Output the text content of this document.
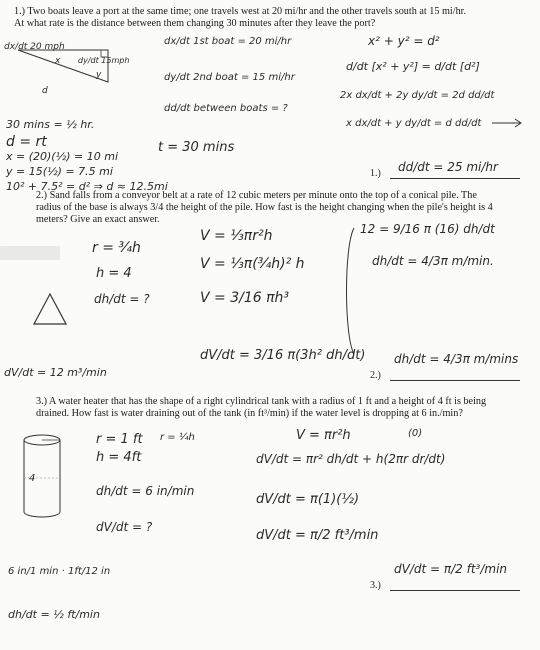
1.) Two boats leave a port at the same time; one travels west at 20 mi/hr and the other travels south at 15 mi/hr.
At what rate is the distance between them changing 30 minutes after they leave the port?
dx/dt 20 mph
x
y
dy/dt 15mph
d
dx/dt 1st boat = 20 mi/hr
dy/dt 2nd boat = 15 mi/hr
dd/dt between boats = ?
t = 30 mins
x² + y² = d²
d/dt [x² + y²] = d/dt [d²]
2x dx/dt + 2y dy/dt = 2d dd/dt
x dx/dt + y dy/dt = d dd/dt
30 mins = ½ hr.
d = rt
x = (20)(½) = 10 mi
y = 15(½) = 7.5 mi
10² + 7.5² = d² ⇒ d ≈ 12.5mi
1.) dd/dt = 25 mi/hr
2.) Sand falls from a conveyor belt at a rate of 12 cubic meters per minute onto the top of a conical pile. The
radius of the base is always 3/4 the height of the pile. How fast is the height changing when the pile's height is 4
meters? Give an exact answer.
r = ¾h
h = 4
dh/dt = ?
dV/dt = 12 m³/min
V = ⅓πr²h
V = ⅓π(¾h)² h
V = 3/16 πh³
dV/dt = 3/16 π(3h² dh/dt)
12 = 9/16 π (16) dh/dt
dh/dt = 4/3π m/min.
2.)
dh/dt = 4/3π m/mins
3.) A water heater that has the shape of a right cylindrical tank with a radius of 1 ft and a height of 4 ft is being
drained. How fast is water draining out of the tank (in ft³/min) if the water level is dropping at 6 in./min?
4
r = 1 ft r = ¼h
h = 4ft
dh/dt = 6 in/min
dV/dt = ?
V = πr²h	(0)
dV/dt = πr² dh/dt + h(2πr dr/dt)
dV/dt = π(1)(½)
dV/dt = π/2 ft³/min
6 in/1 min · 1ft/12 in
dh/dt = ½ ft/min
3.)
dV/dt = π/2 ft³/min
